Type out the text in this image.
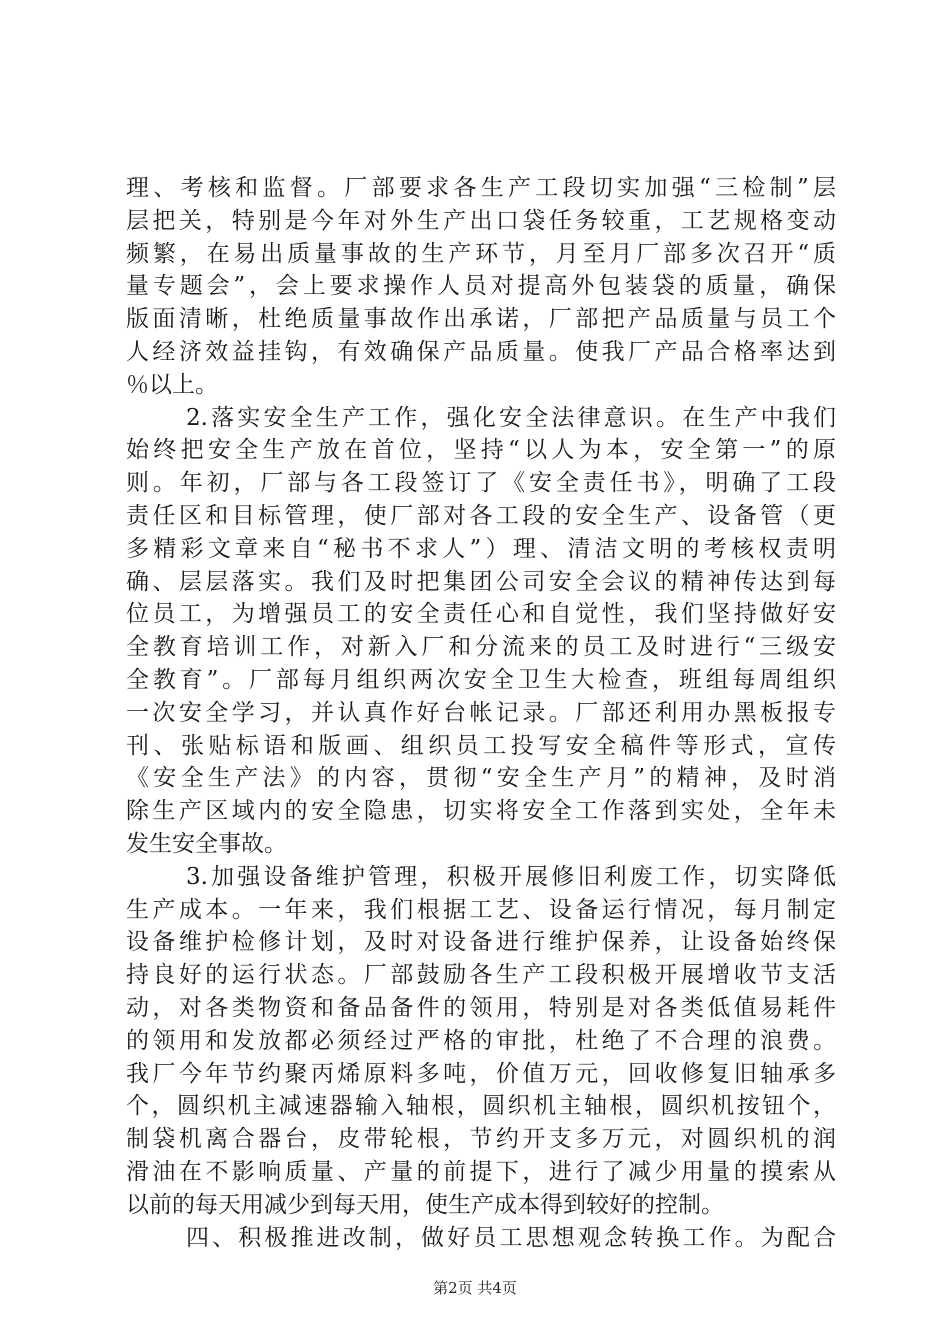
理、考核和监督。厂部要求各生产工段切实加强“三检制”层
层把关，特别是今年对外生产出口袋任务较重，工艺规格变动
频繁，在易出质量事故的生产环节，月至月厂部多次召开“质
量专题会”，会上要求操作人员对提高外包装袋的质量，确保
版面清晰，杜绝质量事故作出承诺，厂部把产品质量与员工个
人经济效益挂钩，有效确保产品质量。使我厂产品合格率达到
％以上。
2.落实安全生产工作，强化安全法律意识。在生产中我们
始终把安全生产放在首位，坚持“以人为本，安全第一”的原
则。年初，厂部与各工段签订了《安全责任书》，明确了工段
责任区和目标管理，使厂部对各工段的安全生产、设备管（更
多精彩文章来自“秘书不求人”）理、清洁文明的考核权责明
确、层层落实。我们及时把集团公司安全会议的精神传达到每
位员工，为增强员工的安全责任心和自觉性，我们坚持做好安
全教育培训工作，对新入厂和分流来的员工及时进行“三级安
全教育”。厂部每月组织两次安全卫生大检查，班组每周组织
一次安全学习，并认真作好台帐记录。厂部还利用办黑板报专
刊、张贴标语和版画、组织员工投写安全稿件等形式，宣传
《安全生产法》的内容，贯彻“安全生产月”的精神，及时消
除生产区域内的安全隐患，切实将安全工作落到实处，全年未
发生安全事故。
3.加强设备维护管理，积极开展修旧利废工作，切实降低
生产成本。一年来，我们根据工艺、设备运行情况，每月制定
设备维护检修计划，及时对设备进行维护保养，让设备始终保
持良好的运行状态。厂部鼓励各生产工段积极开展增收节支活
动，对各类物资和备品备件的领用，特别是对各类低值易耗件
的领用和发放都必须经过严格的审批，杜绝了不合理的浪费。
我厂今年节约聚丙烯原料多吨，价值万元，回收修复旧轴承多
个，圆织机主减速器输入轴根，圆织机主轴根，圆织机按钮个，
制袋机离合器台，皮带轮根，节约开支多万元，对圆织机的润
滑油在不影响质量、产量的前提下，进行了减少用量的摸索从
以前的每天用减少到每天用，使生产成本得到较好的控制。
四、积极推进改制，做好员工思想观念转换工作。为配合
第2页 共4页
